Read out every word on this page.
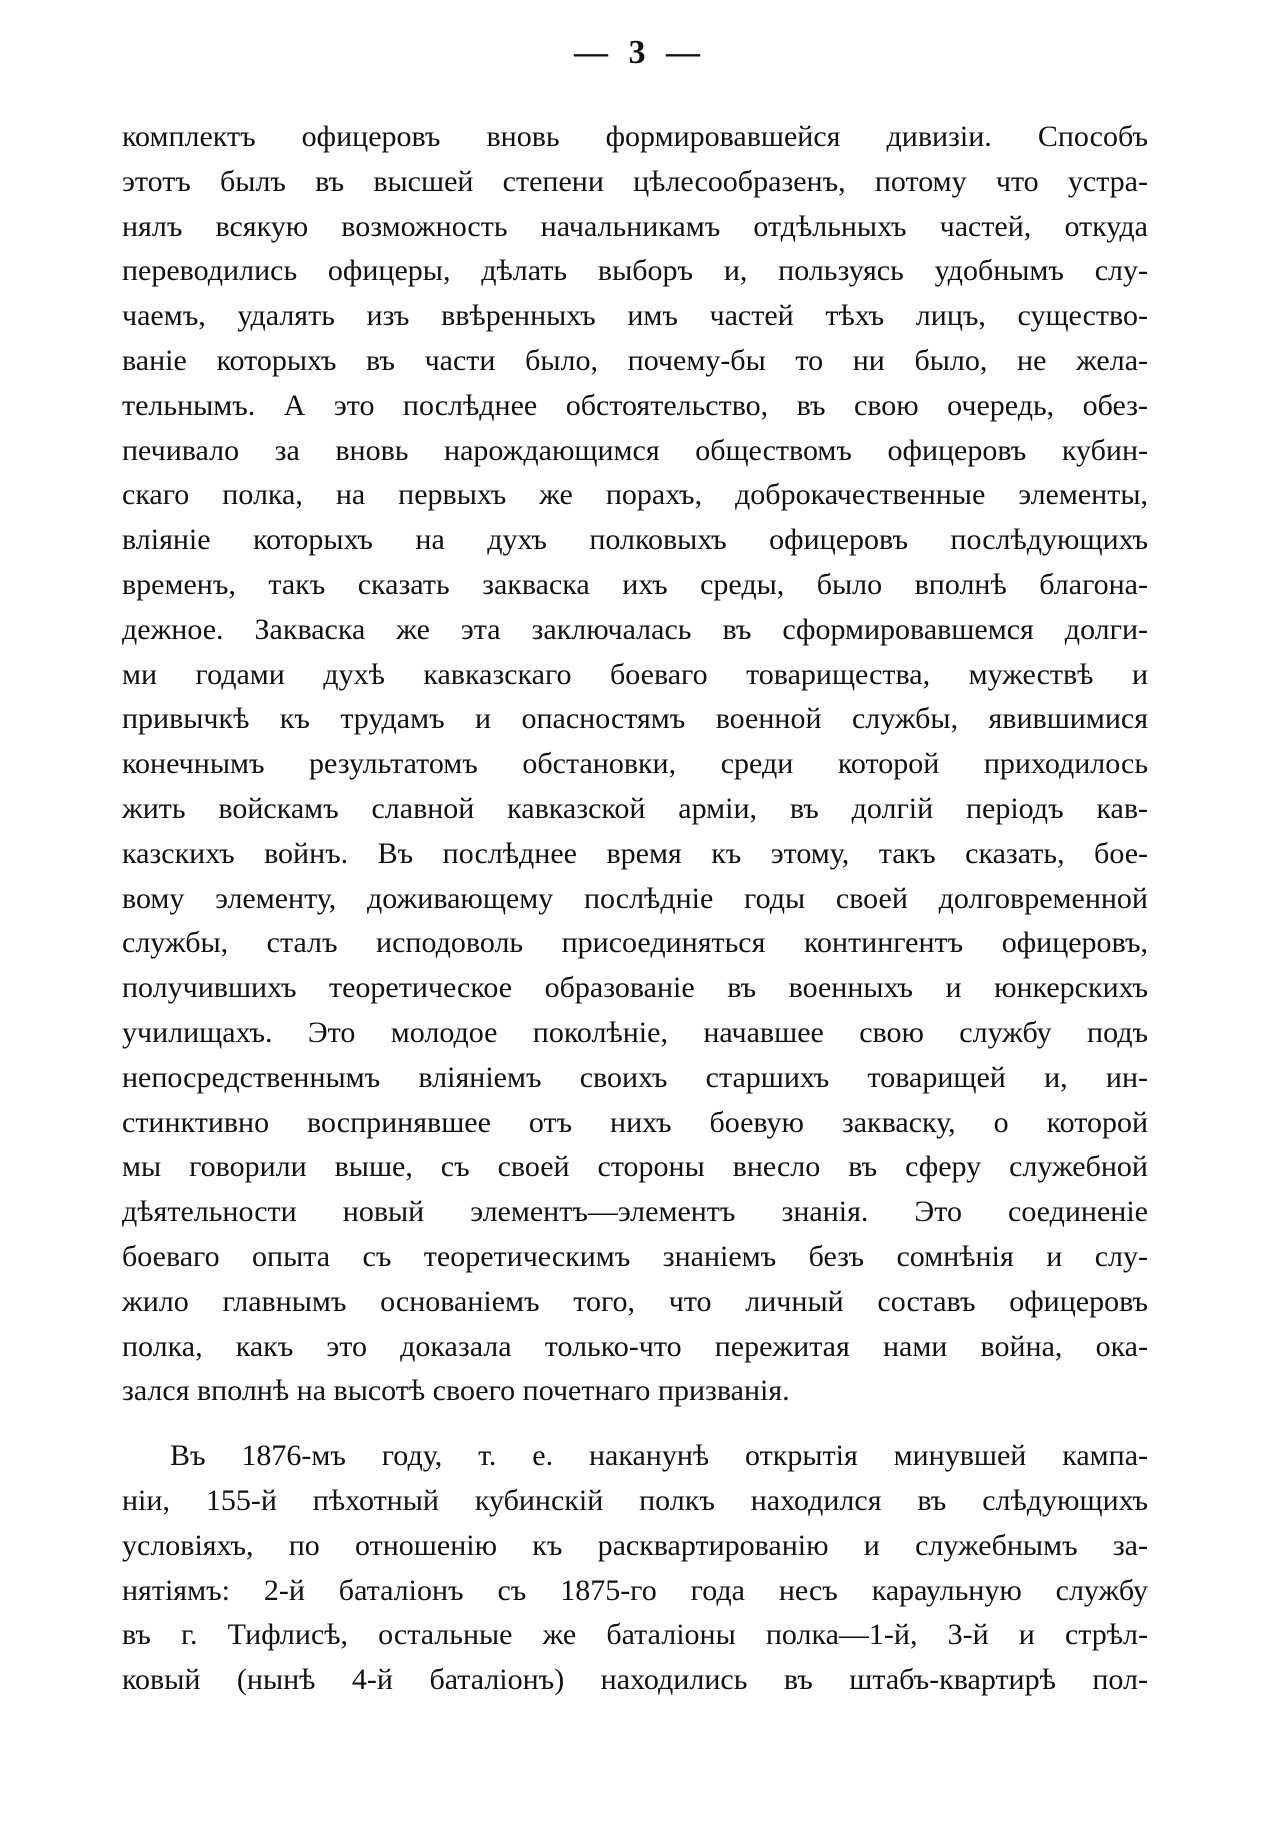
— 3 —
комплектъ офицеровъ вновь формировавшейся дивизіи. Способъ
этотъ былъ въ высшей степени цѣлесообразенъ, потому что устра-
нялъ всякую возможность начальникамъ отдѣльныхъ частей, откуда
переводились офицеры, дѣлать выборъ и, пользуясь удобнымъ слу-
чаемъ, удалять изъ ввѣренныхъ имъ частей тѣхъ лицъ, существо-
ваніе которыхъ въ части было, почему-бы то ни было, не жела-
тельнымъ. А это послѣднее обстоятельство, въ свою очередь, обез-
печивало за вновь нарождающимся обществомъ офицеровъ кубин-
скаго полка, на первыхъ же порахъ, доброкачественные элементы,
вліяніе которыхъ на духъ полковыхъ офицеровъ послѣдующихъ
временъ, такъ сказать закваска ихъ среды, было вполнѣ благона-
дежное. Закваска же эта заключалась въ сформировавшемся долги-
ми годами духѣ кавказскаго боеваго товарищества, мужествѣ и
привычкѣ къ трудамъ и опасностямъ военной службы, явившимися
конечнымъ результатомъ обстановки, среди которой приходилось
жить войскамъ славной кавказской арміи, въ долгій періодъ кав-
казскихъ войнъ. Въ послѣднее время къ этому, такъ сказать, бое-
вому элементу, доживающему послѣдніе годы своей долговременной
службы, сталъ исподоволь присоединяться контингентъ офицеровъ,
получившихъ теоретическое образованіе въ военныхъ и юнкерскихъ
училищахъ. Это молодое поколѣніе, начавшее свою службу подъ
непосредственнымъ вліяніемъ своихъ старшихъ товарищей и, ин-
стинктивно воспринявшее отъ нихъ боевую закваску, о которой
мы говорили выше, съ своей стороны внесло въ сферу служебной
дѣятельности новый элементъ—элементъ знанія. Это соединеніе
боеваго опыта съ теоретическимъ знаніемъ безъ сомнѣнія и слу-
жило главнымъ основаніемъ того, что личный составъ офицеровъ
полка, какъ это доказала только-что пережитая нами война, ока-
зался вполнѣ на высотѣ своего почетнаго призванія.
Въ 1876-мъ году, т. е. наканунѣ открытія минувшей кампа-
ніи, 155-й пѣхотный кубинскій полкъ находился въ слѣдующихъ
условіяхъ, по отношенію къ расквартированію и служебнымъ за-
нятіямъ: 2-й баталіонъ съ 1875-го года несъ караульную службу
въ г. Тифлисѣ, остальные же баталіоны полка—1-й, 3-й и стрѣл-
ковый (нынѣ 4-й баталіонъ) находились въ штабъ-квартирѣ пол-
